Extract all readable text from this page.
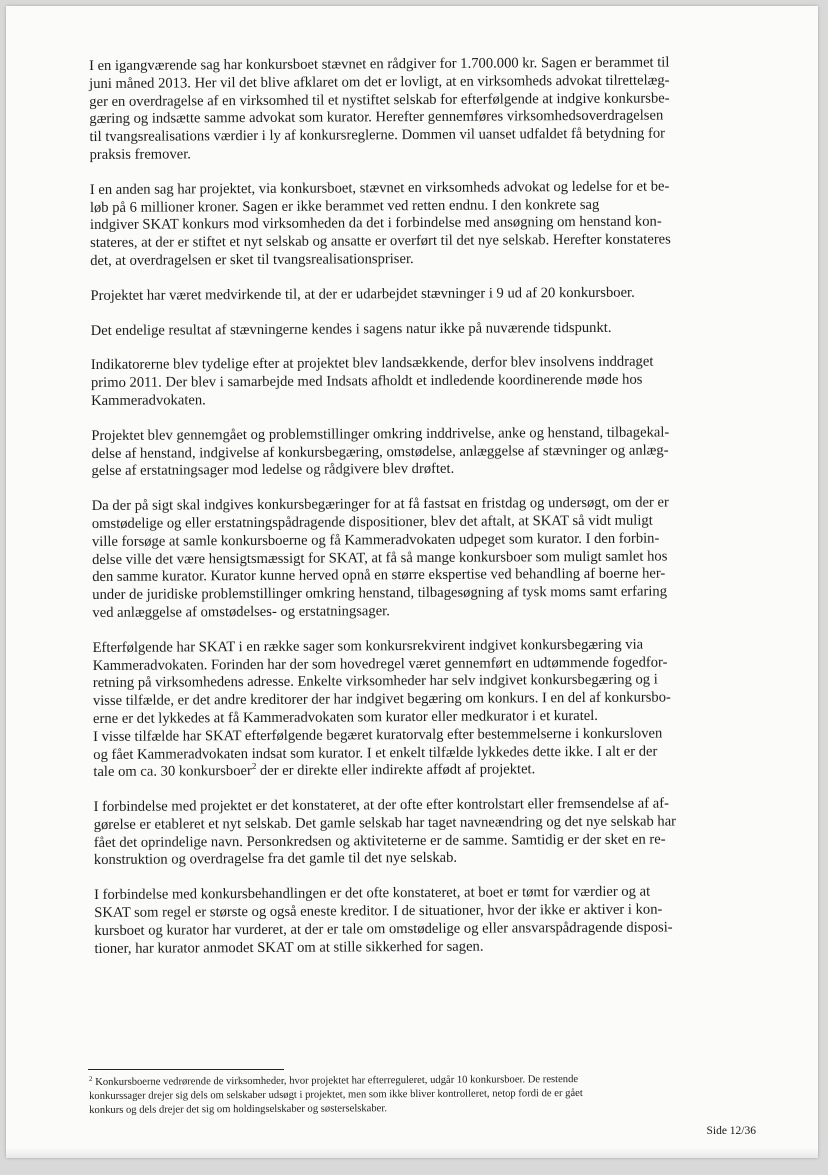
I en igangværende sag har konkursboet stævnet en rådgiver for 1.700.000 kr. Sagen er berammet til
juni måned 2013. Her vil det blive afklaret om det er lovligt, at en virksomheds advokat tilrettelæg-
ger en overdragelse af en virksomhed til et nystiftet selskab for efterfølgende at indgive konkursbe-
gæring og indsætte samme advokat som kurator. Herefter gennemføres virksomhedsoverdragelsen
til tvangsrealisations værdier i ly af konkursreglerne. Dommen vil uanset udfaldet få betydning for
praksis fremover.

I en anden sag har projektet, via konkursboet, stævnet en virksomheds advokat og ledelse for et be-
løb på 6 millioner kroner. Sagen er ikke berammet ved retten endnu. I den konkrete sag
indgiver SKAT konkurs mod virksomheden da det i forbindelse med ansøgning om henstand kon-
stateres, at der er stiftet et nyt selskab og ansatte er overført til det nye selskab. Herefter konstateres
det, at overdragelsen er sket til tvangsrealisationspriser.

Projektet har været medvirkende til, at der er udarbejdet stævninger i 9 ud af 20 konkursboer.

Det endelige resultat af stævningerne kendes i sagens natur ikke på nuværende tidspunkt.

Indikatorerne blev tydelige efter at projektet blev landsækkende, derfor blev insolvens inddraget
primo 2011. Der blev i samarbejde med Indsats afholdt et indledende koordinerende møde hos
Kammeradvokaten.

Projektet blev gennemgået og problemstillinger omkring inddrivelse, anke og henstand, tilbagekal-
delse af henstand, indgivelse af konkursbegæring, omstødelse, anlæggelse af stævninger og anlæg-
gelse af erstatningsager mod ledelse og rådgivere blev drøftet.

Da der på sigt skal indgives konkursbegæringer for at få fastsat en fristdag og undersøgt, om der er
omstødelige og eller erstatningspådragende dispositioner, blev det aftalt, at SKAT så vidt muligt
ville forsøge at samle konkursboerne og få Kammeradvokaten udpeget som kurator. I den forbin-
delse ville det være hensigtsmæssigt for SKAT, at få så mange konkursboer som muligt samlet hos
den samme kurator. Kurator kunne herved opnå en større ekspertise ved behandling af boerne her-
under de juridiske problemstillinger omkring henstand, tilbagesøgning af tysk moms samt erfaring
ved anlæggelse af omstødelses- og erstatningsager.

Efterfølgende har SKAT i en række sager som konkursrekvirent indgivet konkursbegæring via
Kammeradvokaten. Forinden har der som hovedregel været gennemført en udtømmende fogedfor-
retning på virksomhedens adresse. Enkelte virksomheder har selv indgivet konkursbegæring og i
visse tilfælde, er det andre kreditorer der har indgivet begæring om konkurs. I en del af konkursbo-
erne er det lykkedes at få Kammeradvokaten som kurator eller medkurator i et kuratel.
I visse tilfælde har SKAT efterfølgende begæret kuratorvalg efter bestemmelserne i konkursloven
og fået Kammeradvokaten indsat som kurator. I et enkelt tilfælde lykkedes dette ikke. I alt er der
tale om ca. 30 konkursboer$^2$ der er direkte eller indirekte affødt af projektet.

I forbindelse med projektet er det konstateret, at der ofte efter kontrolstart eller fremsendelse af af-
gørelse er etableret et nyt selskab. Det gamle selskab har taget navneændring og det nye selskab har
fået det oprindelige navn. Personkredsen og aktiviteterne er de samme. Samtidig er der sket en re-
konstruktion og overdragelse fra det gamle til det nye selskab.

I forbindelse med konkursbehandlingen er det ofte konstateret, at boet er tømt for værdier og at
SKAT som regel er største og også eneste kreditor. I de situationer, hvor der ikke er aktiver i kon-
kursboet og kurator har vurderet, at der er tale om omstødelige og eller ansvarspådragende disposi-
tioner, har kurator anmodet SKAT om at stille sikkerhed for sagen.

$^2$ Konkursboerne vedrørende de virksomheder, hvor projektet har efterreguleret, udgår 10 konkursboer. De restende
konkurssager drejer sig dels om selskaber udsøgt i projektet, men som ikke bliver kontrolleret, netop fordi de er gået
konkurs og dels drejer det sig om holdingselskaber og søsterselskaber.
Side 12/36
